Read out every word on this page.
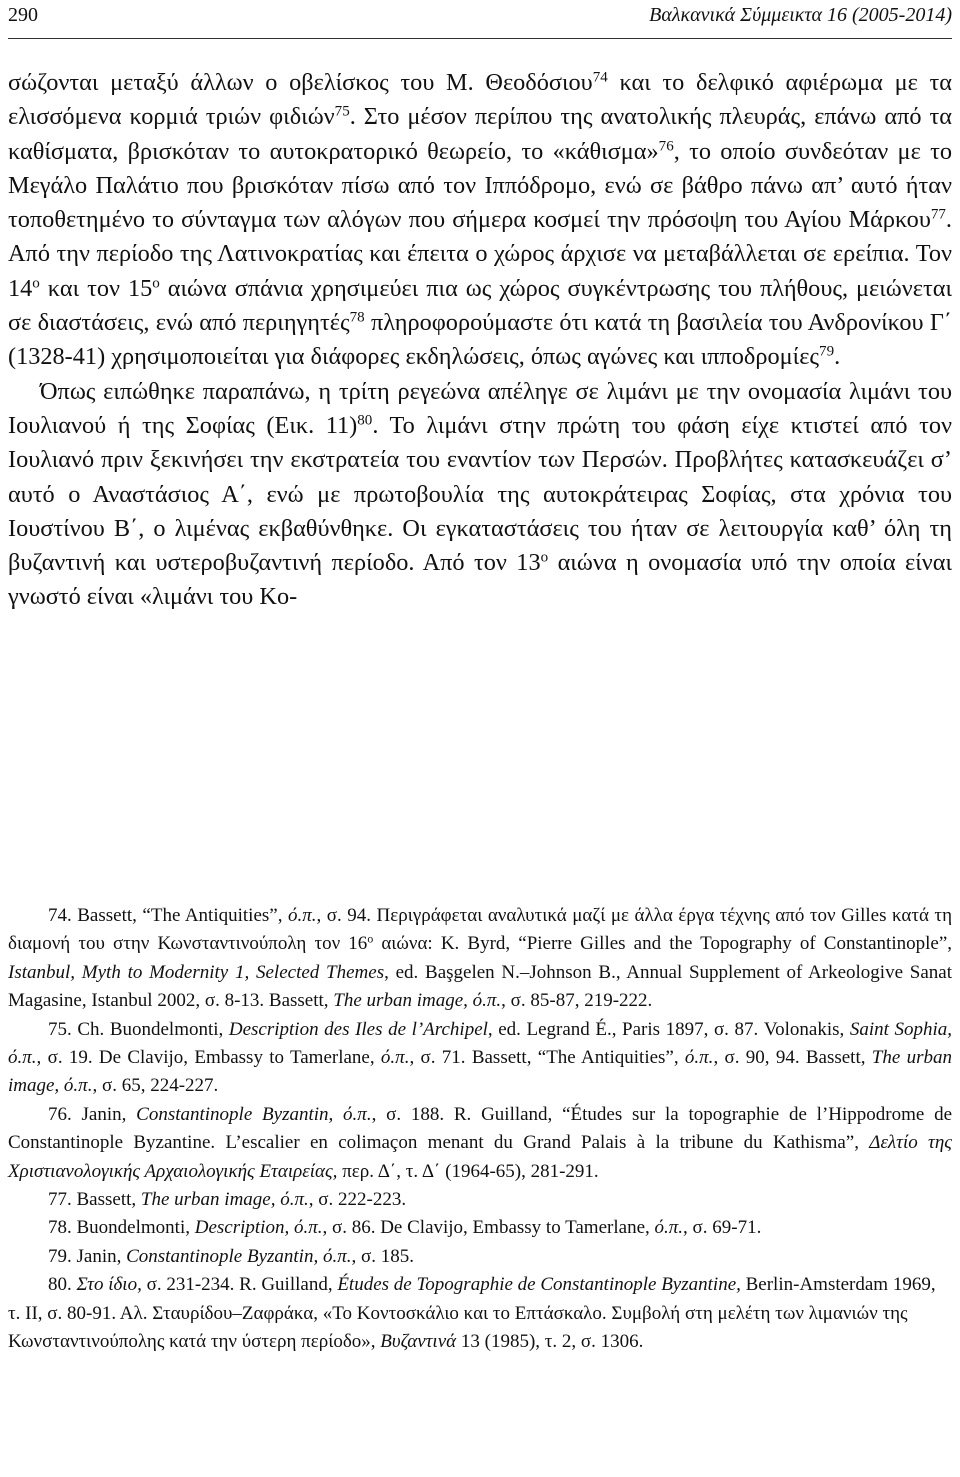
290	Βαλκανικά Σύμμεικτα 16 (2005-2014)

σώζονται μεταξύ άλλων ο οβελίσκος του Μ. Θεοδόσιου$^{74}$ και το δελφικό αφιέρωμα με τα ελισσόμενα κορμιά τριών φιδιών$^{75}$. Στο μέσον περίπου της ανατολικής πλευράς, επάνω από τα καθίσματα, βρισκόταν το αυτοκρατορικό θεωρείο, το «κάθισμα»$^{76}$, το οποίο συνδεόταν με το Μεγάλο Παλάτιο που βρισκόταν πίσω από τον Ιππόδρομο, ενώ σε βάθρο πάνω απ’ αυτό ήταν τοποθετημένο το σύνταγμα των αλόγων που σήμερα κοσμεί την πρόσοψη του Αγίου Μάρκου$^{77}$. Από την περίοδο της Λατινοκρατίας και έπειτα ο χώρος άρχισε να μεταβάλλεται σε ερείπια. Τον $14^o$ και τον $15^o$ αιώνα σπάνια χρησιμεύει πια ως χώρος συγκέντρωσης του πλήθους, μειώνεται σε διαστάσεις, ενώ από περιηγητές$^{78}$ πληροφορούμαστε ότι κατά τη βασιλεία του Ανδρονίκου Γ΄ (1328-41) χρησιμοποιείται για διάφορες εκδηλώσεις, όπως αγώνες και ιπποδρομίες$^{79}$.

Όπως ειπώθηκε παραπάνω, η τρίτη ρεγεώνα απέληγε σε λιμάνι με την ονομασία λιμάνι του Ιουλιανού ή της Σοφίας (Εικ. 11)$^{80}$. Το λιμάνι στην πρώτη του φάση είχε κτιστεί από τον Ιουλιανό πριν ξεκινήσει την εκστρατεία του εναντίον των Περσών. Προβλήτες κατασκευάζει σ’ αυτό ο Αναστάσιος Α΄, ενώ με πρωτοβουλία της αυτοκράτειρας Σοφίας, στα χρόνια του Ιουστίνου Β΄, ο λιμένας εκβαθύνθηκε. Οι εγκαταστάσεις του ήταν σε λειτουργία καθ’ όλη τη βυζαντινή και υστεροβυζαντινή περίοδο. Από τον $13^o$ αιώνα η ονομασία υπό την οποία είναι γνωστό είναι «λιμάνι του Κο-

74. Bassett, “The Antiquities”, ό.π., σ. 94. Περιγράφεται αναλυτικά μαζί με άλλα έργα τέχνης από τον Gilles κατά τη διαμονή του στην Κωνσταντινούπολη τον $16^o$ αιώνα: K. Byrd, “Pierre Gilles and the Topography of Constantinople”, Istanbul, Myth to Modernity 1, Selected Themes, ed. Başgelen N.–Johnson B., Annual Supplement of Arkeologive Sanat Magasine, Istanbul 2002, σ. 8-13. Bassett, The urban image, ό.π., σ. 85-87, 219-222.

75. Ch. Buondelmonti, Description des Iles de l’Archipel, ed. Legrand É., Paris 1897, σ. 87. Volonakis, Saint Sophia, ό.π., σ. 19. De Clavijo, Embassy to Tamerlane, ό.π., σ. 71. Bassett, “The Antiquities”, ό.π., σ. 90, 94. Bassett, The urban image, ό.π., σ. 65, 224-227.

76. Janin, Constantinople Byzantin, ό.π., σ. 188. R. Guilland, “Études sur la topographie de l’Hippodrome de Constantinople Byzantine. L’escalier en colimaçon menant du Grand Palais à la tribune du Kathisma”, Δελτίο της Χριστιανολογικής Αρχαιολογικής Εταιρείας, περ. Δ΄, τ. Δ΄ (1964-65), 281-291.

77. Bassett, The urban image, ό.π., σ. 222-223.

78. Buondelmonti, Description, ό.π., σ. 86. De Clavijo, Embassy to Tamerlane, ό.π., σ. 69-71.

79. Janin, Constantinople Byzantin, ό.π., σ. 185.

80. Στο ίδιο, σ. 231-234. R. Guilland, Études de Topographie de Constantinople Byzantine, Berlin-Amsterdam 1969, τ. II, σ. 80-91. Αλ. Σταυρίδου–Ζαφράκα, «Το Κοντοσκάλιο και το Επτάσκαλο. Συμβολή στη μελέτη των λιμανιών της Κωνσταντινούπολης κατά την ύστερη περίοδο», Βυζαντινά 13 (1985), τ. 2, σ. 1306.
